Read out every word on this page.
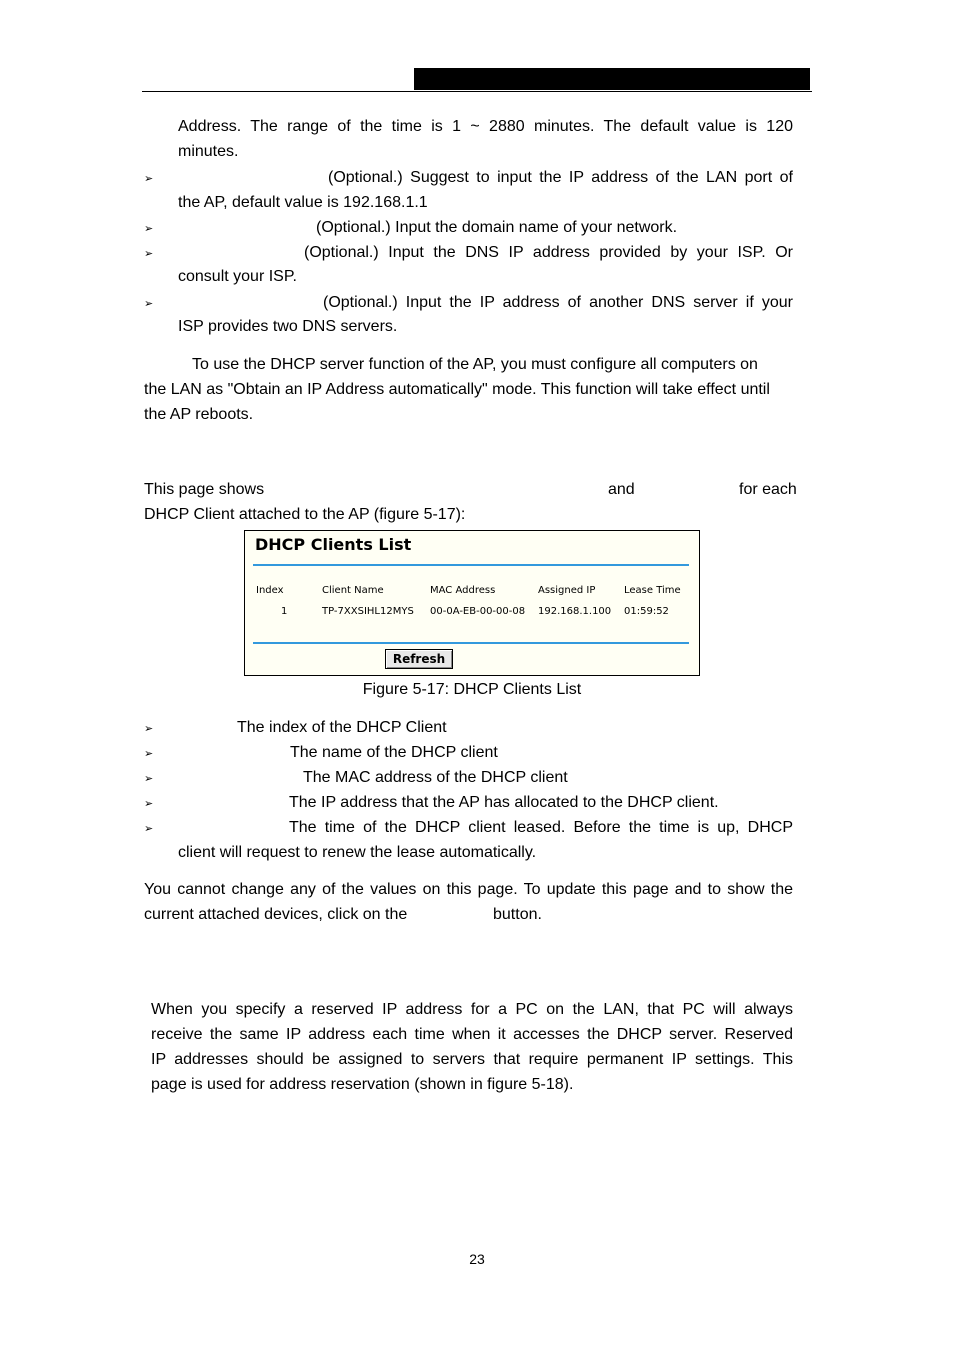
Address. The range of the time is 1 ~ 2880 minutes. The default value is 120
minutes.
➢	(Optional.) Suggest to input the IP address of the LAN port of
the AP, default value is 192.168.1.1
➢	(Optional.) Input the domain name of your network.
➢	(Optional.) Input the DNS IP address provided by your ISP. Or
consult your ISP.
➢	(Optional.) Input the IP address of another DNS server if your
ISP provides two DNS servers.
To use the DHCP server function of the AP, you must configure all computers on
the LAN as "Obtain an IP Address automatically" mode. This function will take effect until
the AP reboots.
This page shows	and	for each
DHCP Client attached to the AP (figure 5-17):
DHCP Clients List
Index	Client Name	MAC Address	Assigned IP	Lease Time
1	TP-7XXSIHL12MYS 00-0A-EB-00-00-08 192.168.1.100 01:59:52
Refresh
Figure 5-17: DHCP Clients List
➢	The index of the DHCP Client
➢	The name of the DHCP client
➢	The MAC address of the DHCP client
➢	The IP address that the AP has allocated to the DHCP client.
➢	The time of the DHCP client leased. Before the time is up, DHCP
client will request to renew the lease automatically.
You cannot change any of the values on this page. To update this page and to show the
current attached devices, click on the	button.
When you specify a reserved IP address for a PC on the LAN, that PC will always
receive the same IP address each time when it accesses the DHCP server. Reserved
IP addresses should be assigned to servers that require permanent IP settings. This
page is used for address reservation (shown in figure 5-18).
23
